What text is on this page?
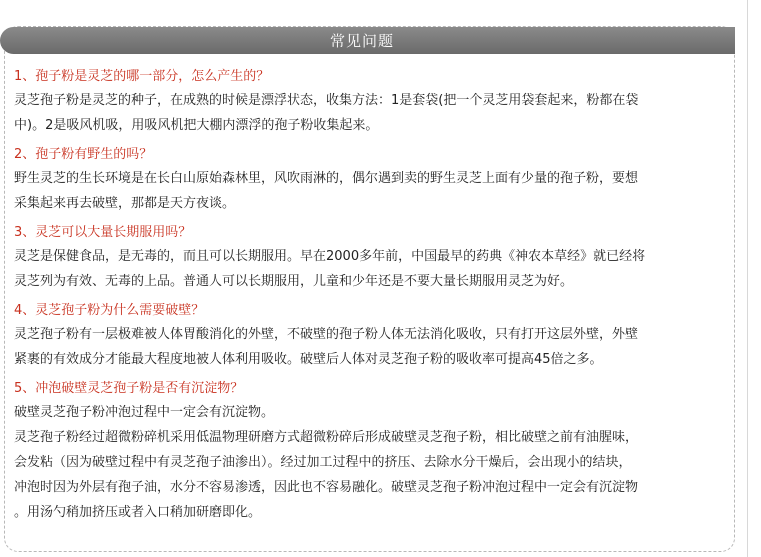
常见问题
1、孢子粉是灵芝的哪一部分，怎么产生的？
灵芝孢子粉是灵芝的种子，在成熟的时候是漂浮状态，收集方法：1是套袋(把一个灵芝用袋套起来，粉都在袋
中)。2是吸风机吸，用吸风机把大棚内漂浮的孢子粉收集起来。
2、孢子粉有野生的吗？
野生灵芝的生长环境是在长白山原始森林里，风吹雨淋的，偶尔遇到卖的野生灵芝上面有少量的孢子粉，要想
采集起来再去破壁，那都是天方夜谈。
3、灵芝可以大量长期服用吗？
灵芝是保健食品，是无毒的，而且可以长期服用。早在2000多年前，中国最早的药典《神农本草经》就已经将
灵芝列为有效、无毒的上品。普通人可以长期服用，儿童和少年还是不要大量长期服用灵芝为好。
4、灵芝孢子粉为什么需要破壁？
灵芝孢子粉有一层极难被人体胃酸消化的外壁，不破壁的孢子粉人体无法消化吸收，只有打开这层外壁，外壁
紧裹的有效成分才能最大程度地被人体利用吸收。破壁后人体对灵芝孢子粉的吸收率可提高45倍之多。
5、冲泡破壁灵芝孢子粉是否有沉淀物？
破壁灵芝孢子粉冲泡过程中一定会有沉淀物。
灵芝孢子粉经过超微粉碎机采用低温物理研磨方式超微粉碎后形成破壁灵芝孢子粉，相比破壁之前有油腥味，
会发粘（因为破壁过程中有灵芝孢子油渗出）。经过加工过程中的挤压、去除水分干燥后，会出现小的结块，
冲泡时因为外层有孢子油，水分不容易渗透，因此也不容易融化。破壁灵芝孢子粉冲泡过程中一定会有沉淀物
。用汤勺稍加挤压或者入口稍加研磨即化。
